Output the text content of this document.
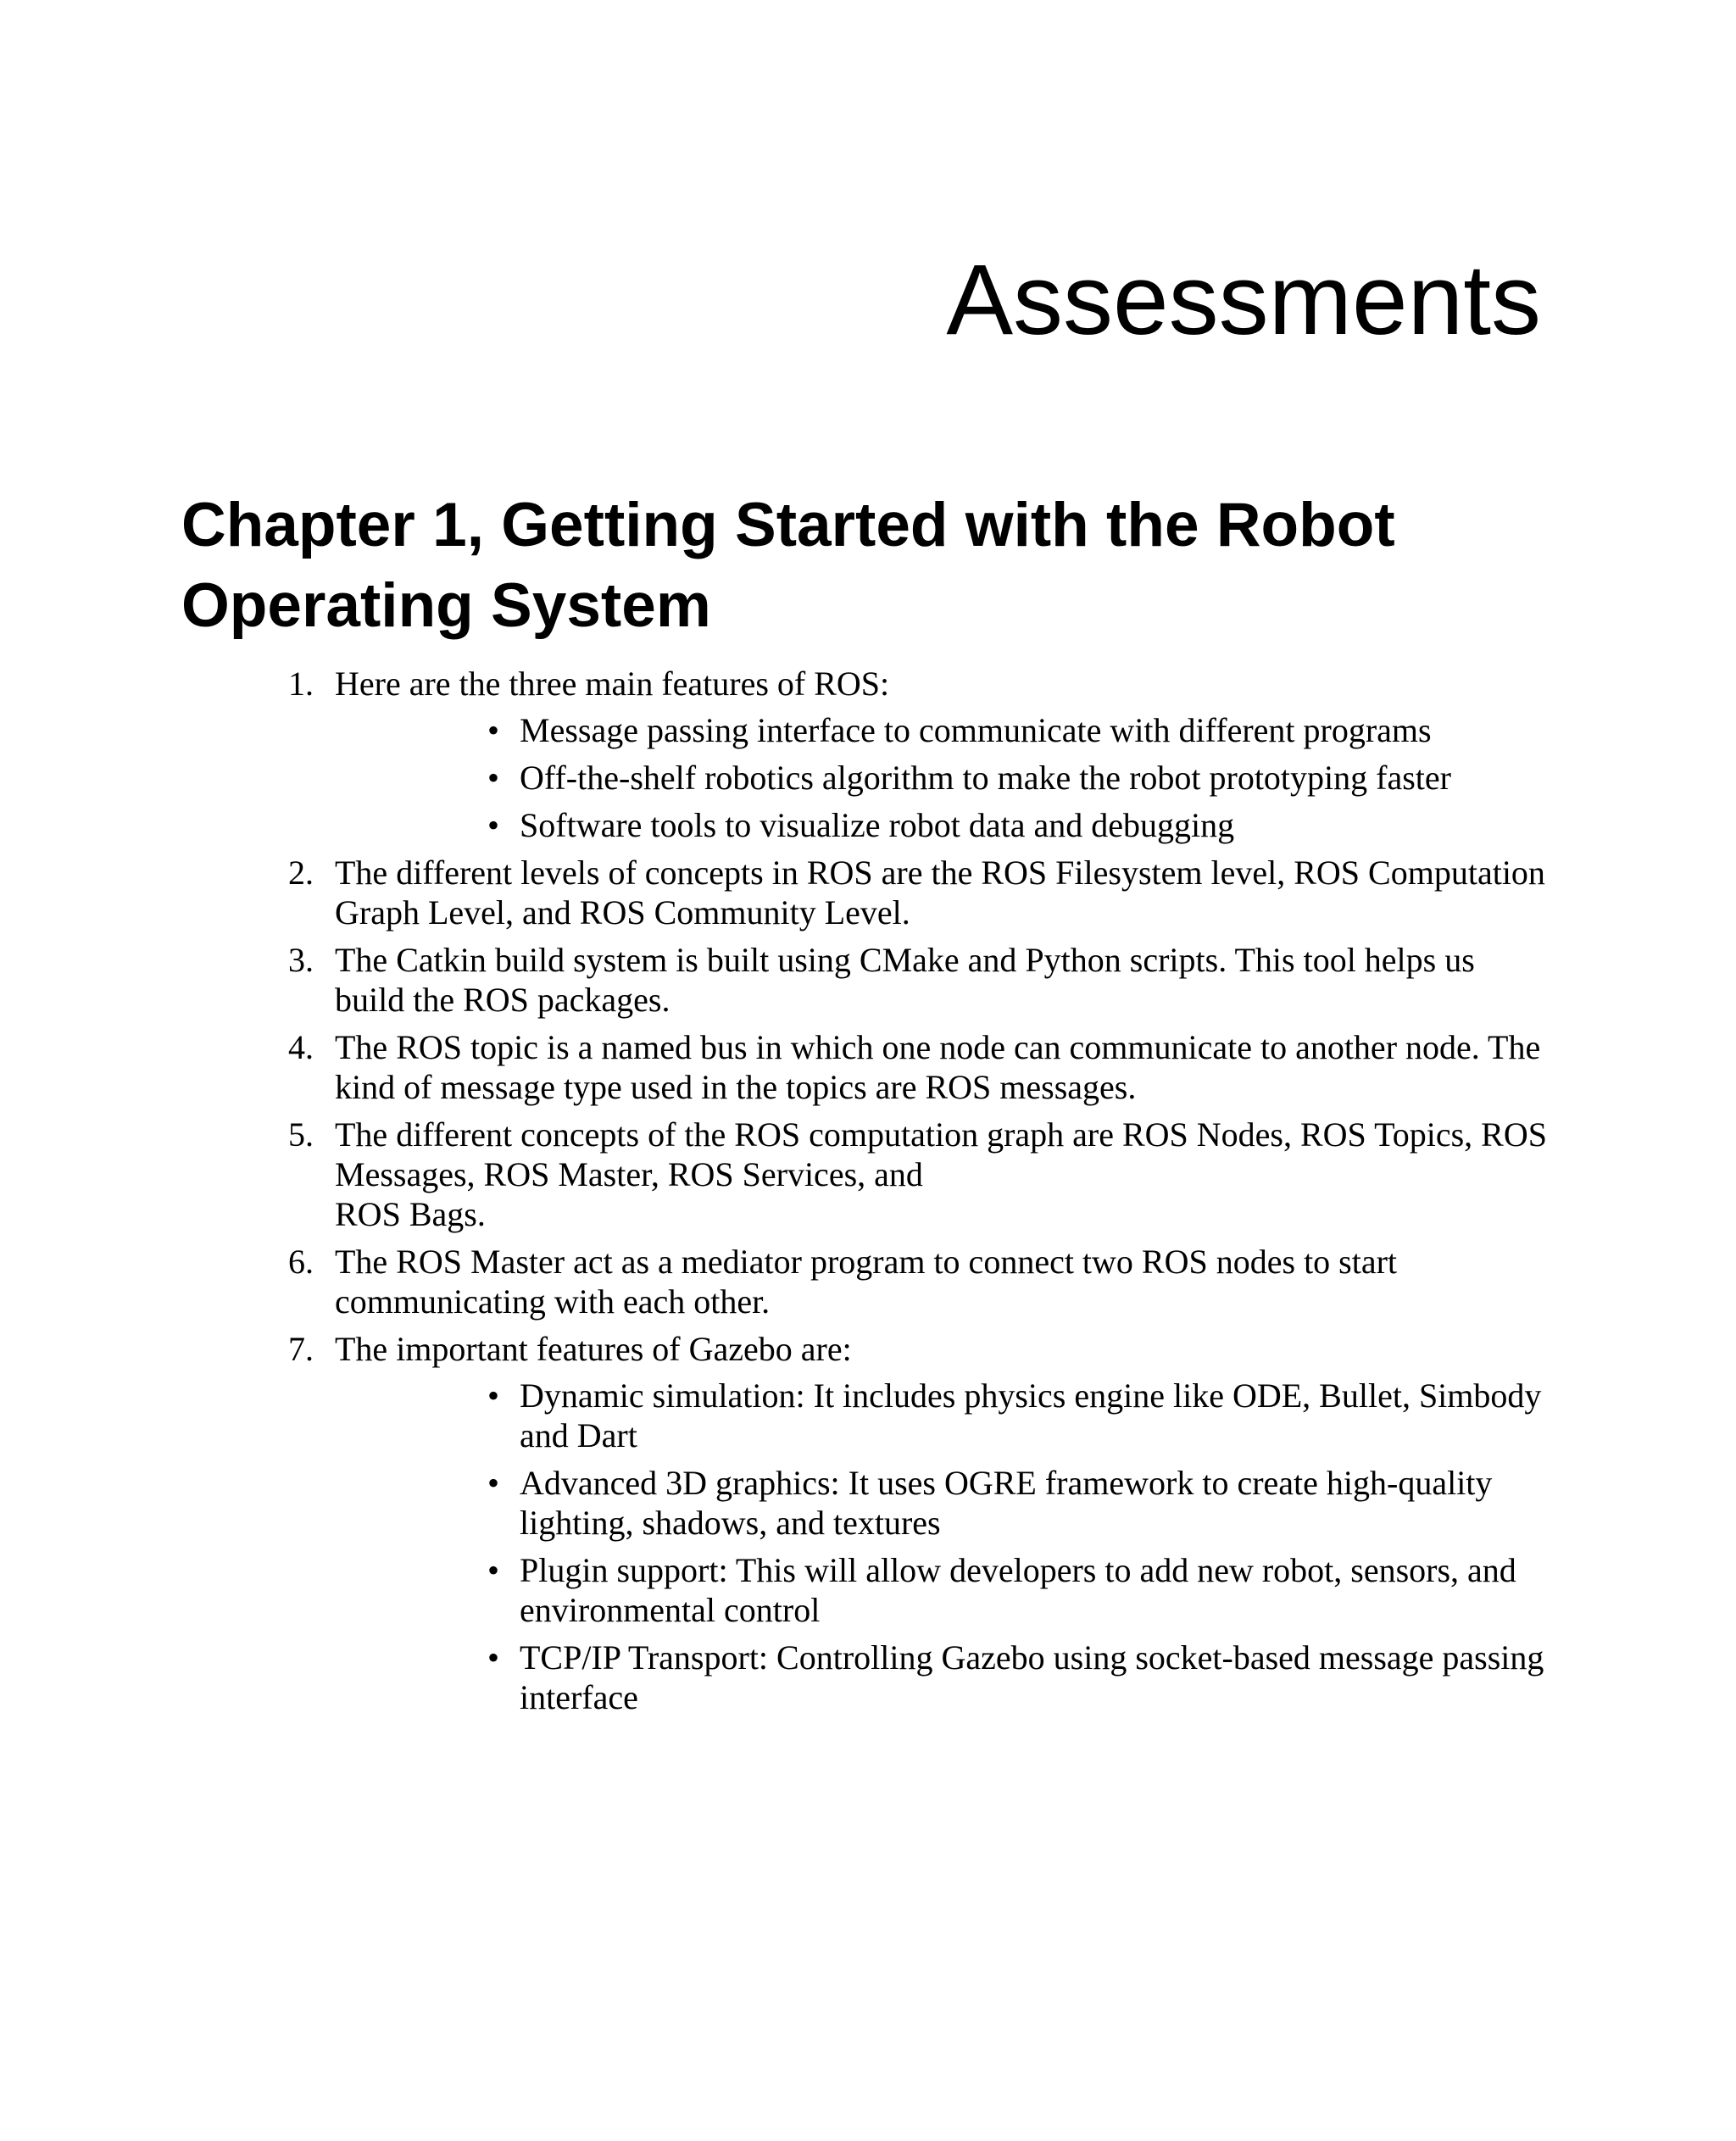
Assessments
Chapter 1, Getting Started with the Robot Operating System
1. Here are the three main features of ROS:
• Message passing interface to communicate with different programs
• Off-the-shelf robotics algorithm to make the robot prototyping faster
• Software tools to visualize robot data and debugging
2. The different levels of concepts in ROS are the ROS Filesystem level, ROS Computation Graph Level, and ROS Community Level.
3. The Catkin build system is built using CMake and Python scripts. This tool helps us build the ROS packages.
4. The ROS topic is a named bus in which one node can communicate to another node. The kind of message type used in the topics are ROS messages.
5. The different concepts of the ROS computation graph are ROS Nodes, ROS Topics, ROS Messages, ROS Master, ROS Services, and
ROS Bags.
6. The ROS Master act as a mediator program to connect two ROS nodes to start communicating with each other.
7. The important features of Gazebo are:
• Dynamic simulation: It includes physics engine like ODE, Bullet, Simbody and Dart
• Advanced 3D graphics: It uses OGRE framework to create high-quality lighting, shadows, and textures
• Plugin support: This will allow developers to add new robot, sensors, and environmental control
• TCP/IP Transport: Controlling Gazebo using socket-based message passing interface
